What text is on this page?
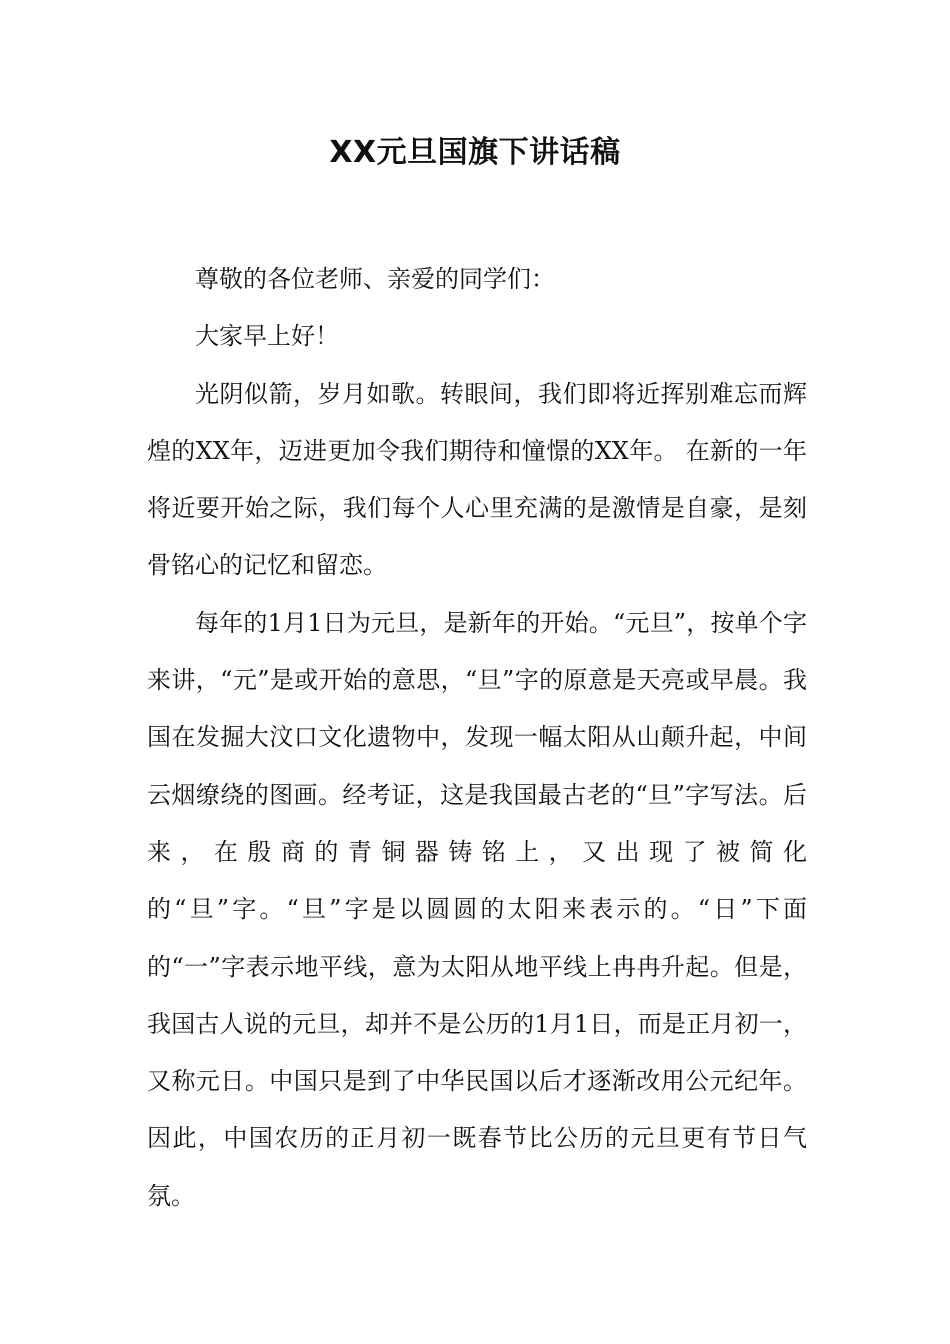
XX元旦国旗下讲话稿

尊敬的各位老师、亲爱的同学们：

大家早上好！

光阴似箭，岁月如歌。转眼间，我们即将近挥别难忘而辉煌的XX年，迈进更加令我们期待和憧憬的XX年。 在新的一年将近要开始之际，我们每个人心里充满的是激情是自豪，是刻骨铭心的记忆和留恋。

每年的1月1日为元旦，是新年的开始。“元旦”，按单个字来讲，“元”是或开始的意思，“旦”字的原意是天亮或早晨。我国在发掘大汶口文化遗物中，发现一幅太阳从山颠升起，中间云烟缭绕的图画。经考证，这是我国最古老的“旦”字写法。后来，在殷商的青铜器铸铭上，又出现了被简化的“旦”字。“旦”字是以圆圆的太阳来表示的。“日”下面的“一”字表示地平线，意为太阳从地平线上冉冉升起。但是，我国古人说的元旦，却并不是公历的1月1日，而是正月初一，又称元日。中国只是到了中华民国以后才逐渐改用公元纪年。因此，中国农历的正月初一既春节比公历的元旦更有节日气氛。
